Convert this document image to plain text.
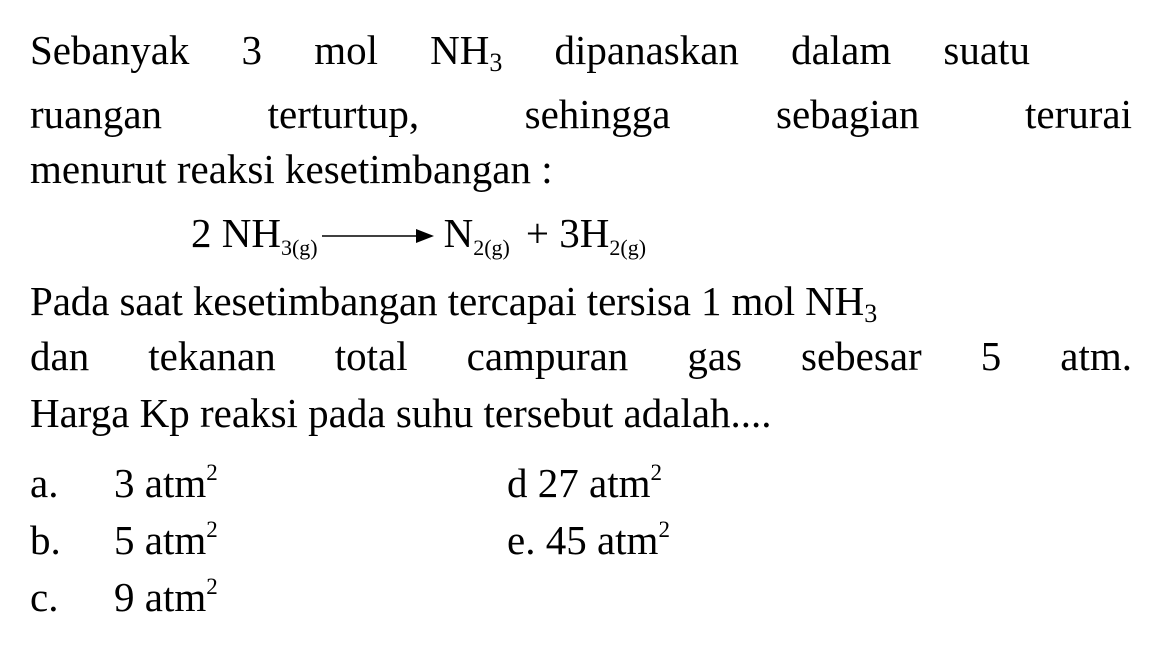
Sebanyak 3 mol $NH_3$ dipanaskan dalam suatu
ruangan	terturtup,	sehingga	sebagian	terurai
menurut reaksi kesetimbangan :
2 $NH_{3(g)} \to N_{2(g)} + 3H_{2(g)}$
Pada saat kesetimbangan tercapai tersisa 1 mol $NH_3$
dan tekanan total campuran gas sebesar 5 atm.
Harga Kp reaksi pada suhu tersebut adalah....
a. 3 atm$^2$
b. 5 atm$^2$
c. 9 atm$^2$
d 27 atm$^2$
e. 45 atm$^2$
